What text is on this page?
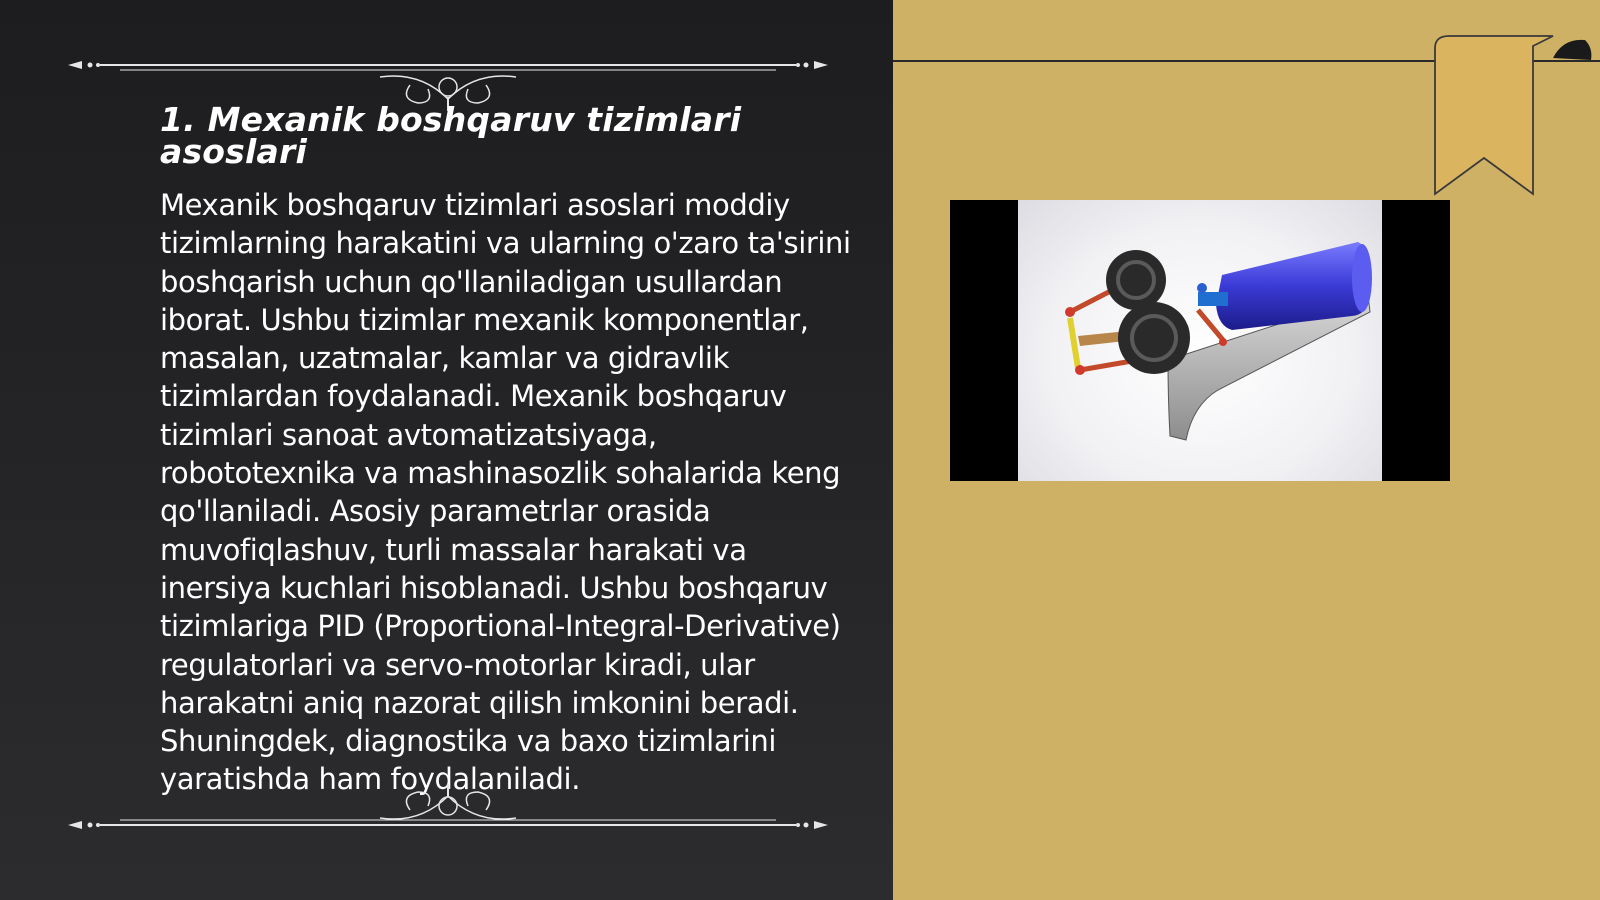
1. Mexanik boshqaruv tizimlari asoslari

Mexanik boshqaruv tizimlari asoslari moddiy tizimlarning harakatini va ularning o'zaro ta'sirini boshqarish uchun qo'llaniladigan usullardan iborat. Ushbu tizimlar mexanik komponentlar, masalan, uzatmalar, kamlar va gidravlik tizimlardan foydalanadi. Mexanik boshqaruv tizimlari sanoat avtomatizatsiyaga, robototexnika va mashinasozlik sohalarida keng qo'llaniladi. Asosiy parametrlar orasida muvofiqlashuv, turli massalar harakati va inersiya kuchlari hisoblanadi. Ushbu boshqaruv tizimlariga PID (Proportional-Integral-Derivative) regulatorlari va servo-motorlar kiradi, ular harakatni aniq nazorat qilish imkonini beradi. Shuningdek, diagnostika va baxo tizimlarini yaratishda ham foydalaniladi.
